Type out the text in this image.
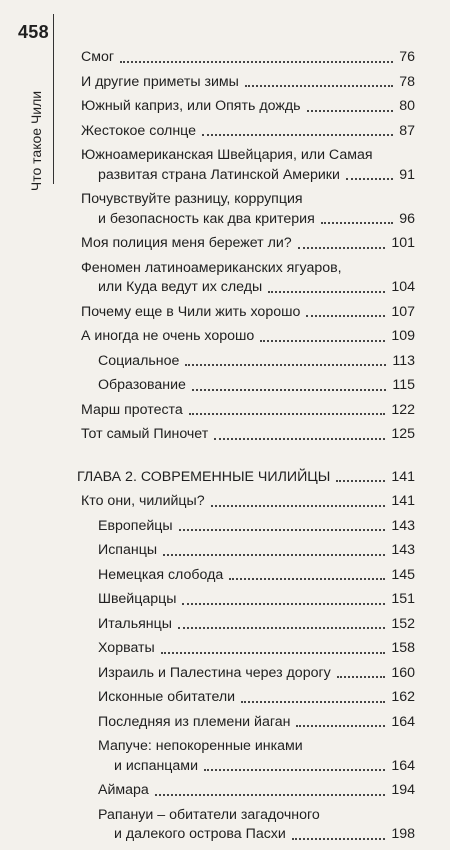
458
Что такое Чили
Смог	76
И другие приметы зимы	78
Южный каприз, или Опять дождь	80
Жестокое солнце	87
Южноамериканская Швейцария, или Самая
развитая страна Латинской Америки	91
Почувствуйте разницу, коррупция
и безопасность как два критерия	96
Моя полиция меня бережет ли?	101
Феномен латиноамериканских ягуаров,
или Куда ведут их следы	104
Почему еще в Чили жить хорошо	107
А иногда не очень хорошо	109
Социальное	113
Образование	115
Марш протеста	122
Тот самый Пиночет	125
ГЛАВА 2. СОВРЕМЕННЫЕ ЧИЛИЙЦЫ	141
Кто они, чилийцы?	141
Европейцы	143
Испанцы	143
Немецкая слобода	145
Швейцарцы	151
Итальянцы	152
Хорваты	158
Израиль и Палестина через дорогу	160
Исконные обитатели	162
Последняя из племени йаган	164
Мапуче: непокоренные инками
и испанцами	164
Аймара	194
Рапануи – обитатели загадочного
и далекого острова Пасхи	198
